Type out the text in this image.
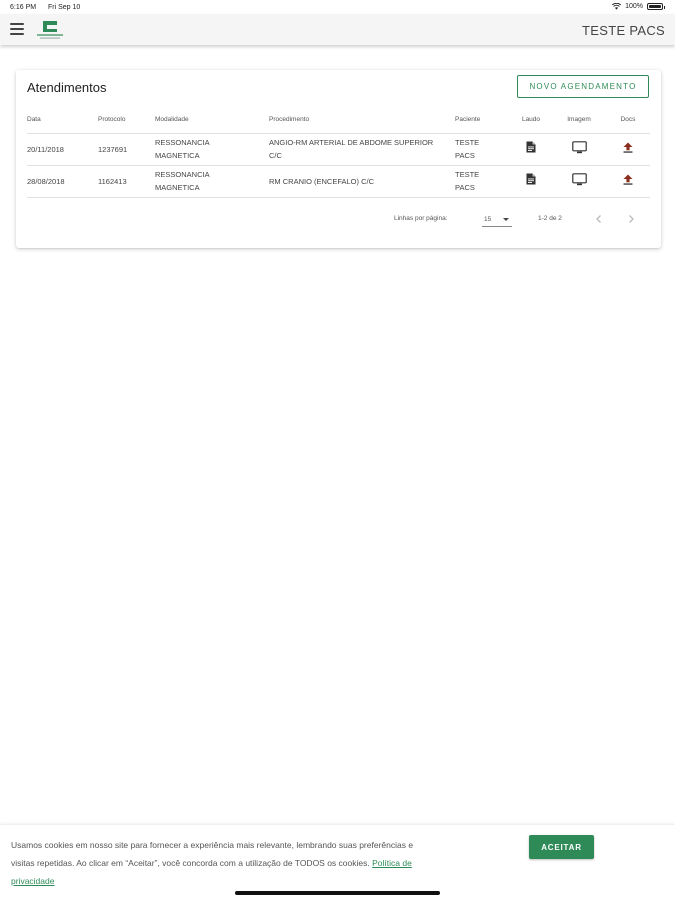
6:16 PM Fri Sep 10	100%
TESTE PACS
Atendimentos	NOVO AGENDAMENTO
Data	Protocolo	Modalidade	Procedimento	Paciente	Laudo	Imagem	Docs
20/11/2018	1237691	RESSONANCIA MAGNETICA	ANGIO-RM ARTERIAL DE ABDOME SUPERIOR C/C	TESTE PACS			
28/08/2018	1162413	RESSONANCIA MAGNETICA	RM CRANIO (ENCEFALO) C/C	TESTE PACS			
Linhas por página:	15	1-2 de 2
Usamos cookies em nosso site para fornecer a experiência mais relevante, lembrando suas preferências e visitas repetidas. Ao clicar em “Aceitar”, você concorda com a utilização de TODOS os cookies. Política de privacidade
ACEITAR
